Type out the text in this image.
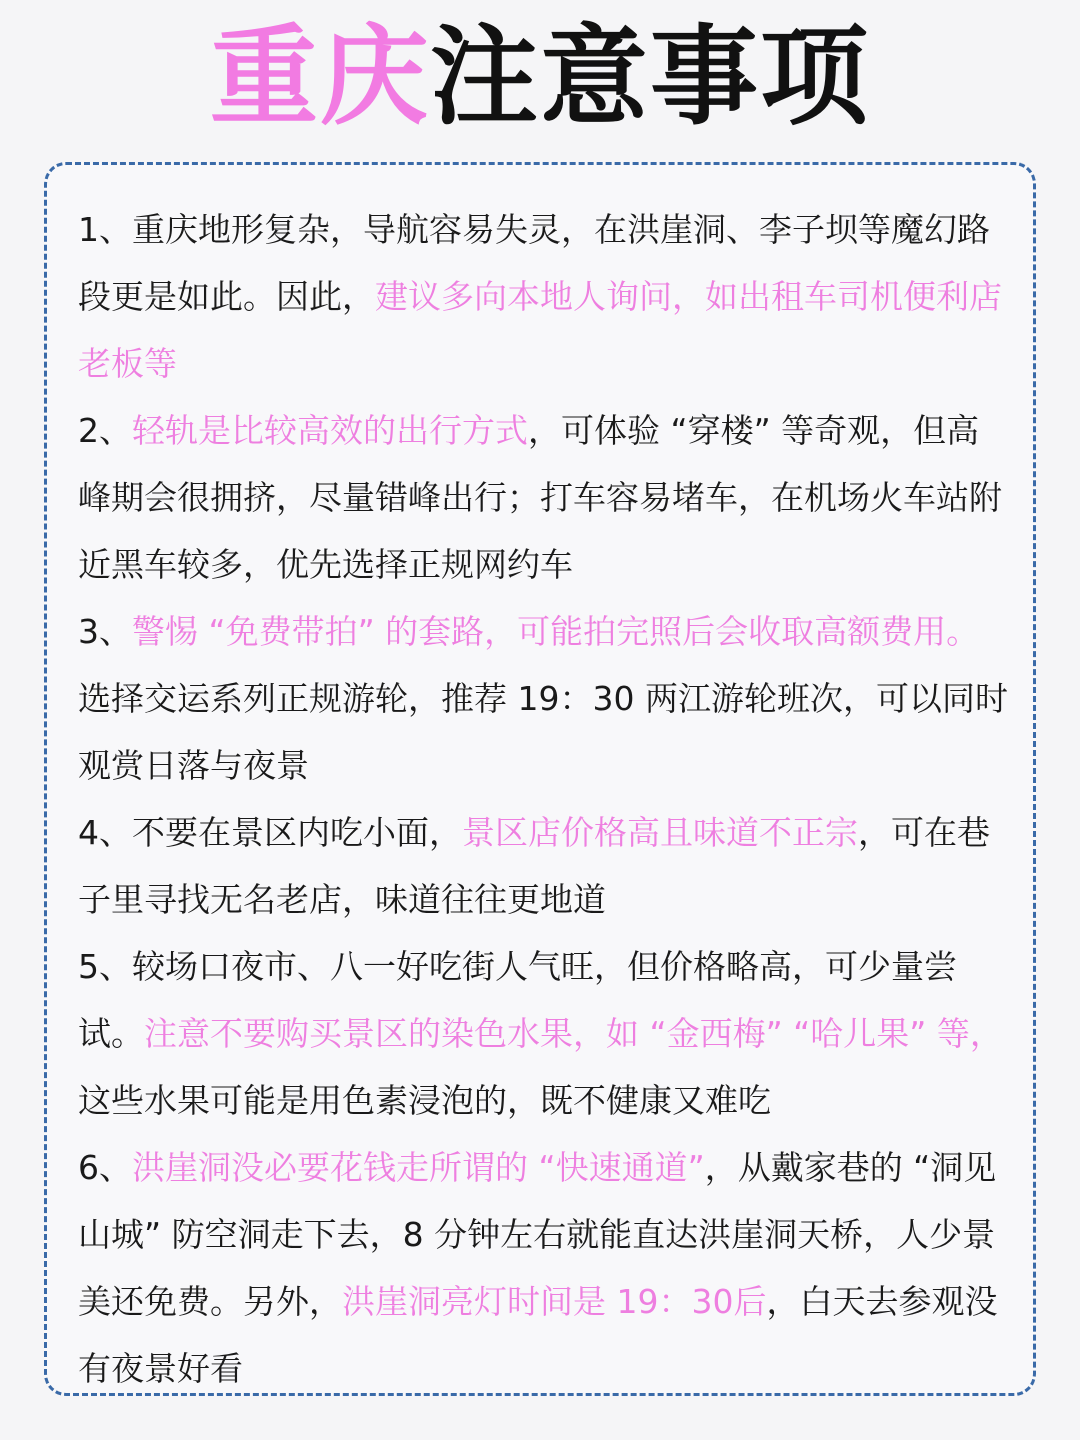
重庆注意事项

1、重庆地形复杂，导航容易失灵，在洪崖洞、李子坝等魔幻路段更是如此。因此，建议多向本地人询问，如出租车司机便利店老板等

2、轻轨是比较高效的出行方式，可体验 “穿楼” 等奇观，但高峰期会很拥挤，尽量错峰出行；打车容易堵车，在机场火车站附近黑车较多，优先选择正规网约车

3、警惕 “免费带拍” 的套路，可能拍完照后会收取高额费用。选择交运系列正规游轮，推荐 19：30 两江游轮班次，可以同时观赏日落与夜景

4、不要在景区内吃小面，景区店价格高且味道不正宗，可在巷子里寻找无名老店，味道往往更地道

5、较场口夜市、八一好吃街人气旺，但价格略高，可少量尝试。注意不要购买景区的染色水果，如 “金西梅” “哈儿果” 等，这些水果可能是用色素浸泡的，既不健康又难吃

6、洪崖洞没必要花钱走所谓的 “快速通道”，从戴家巷的 “洞见山城” 防空洞走下去，8 分钟左右就能直达洪崖洞天桥，人少景美还免费。另外，洪崖洞亮灯时间是 19：30后，白天去参观没有夜景好看
